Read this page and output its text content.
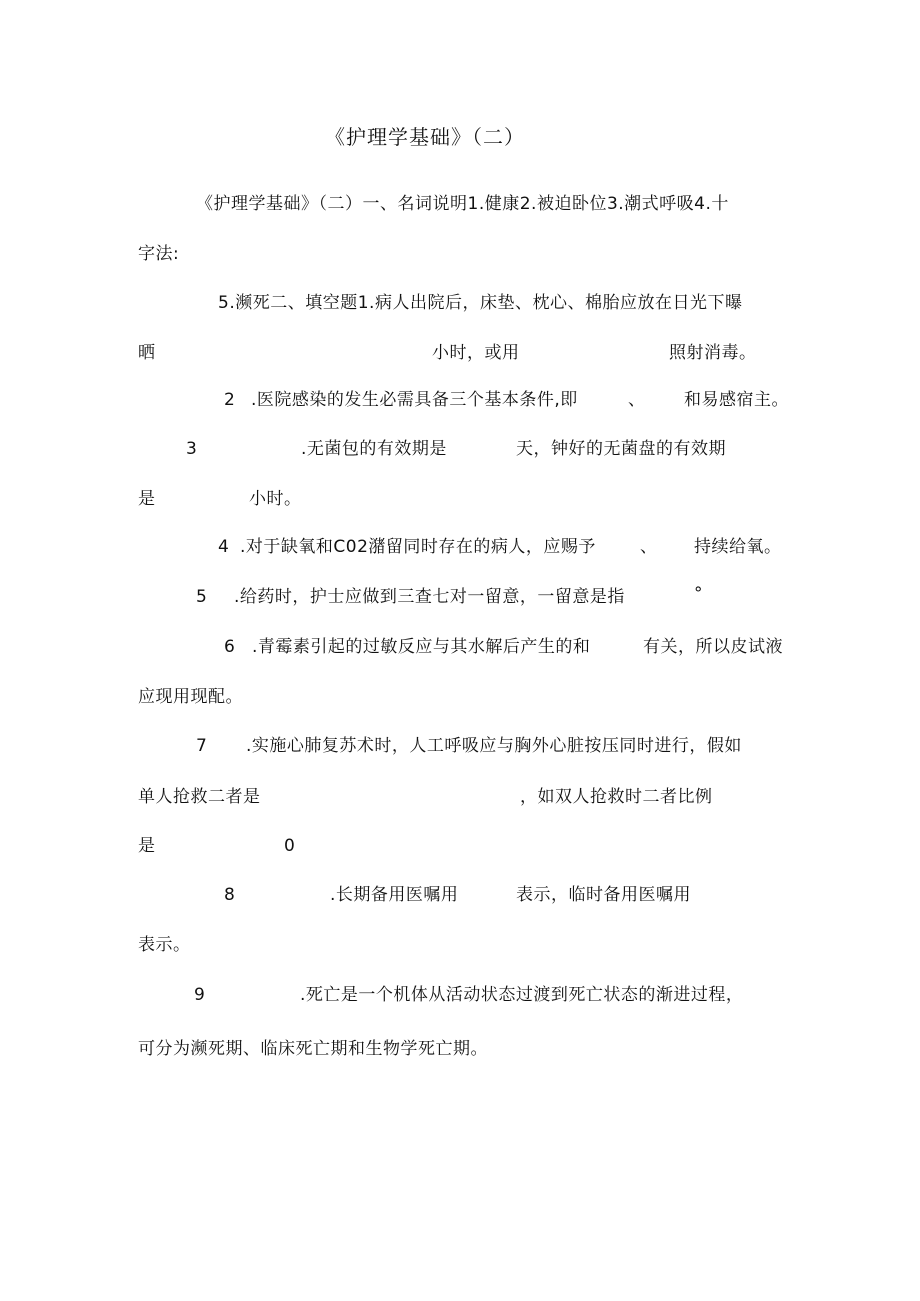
《护理学基础》（二）
《护理学基础》（二）一、名词说明1.健康2.被迫卧位3.潮式呼吸4.十
字法:
5.濒死二、填空题1.病人出院后，床垫、枕心、棉胎应放在日光下曝
晒	小时，或用	照射消毒。
2 .医院感染的发生必需具备三个基本条件,即	、 和易感宿主。
3	.无菌包的有效期是	天，钟好的无菌盘的有效期
是	小时。
4 .对于缺氧和C02潴留同时存在的病人，应赐予	、 持续给氧。
5 .给药时，护士应做到三查七对一留意，一留意是指	°
6 .青霉素引起的过敏反应与其水解后产生的和	有关，所以皮试液
应现用现配。
7 .实施心肺复苏术时，人工呼吸应与胸外心脏按压同时进行，假如
单人抢救二者是	，如双人抢救时二者比例
是	0
8	.长期备用医嘱用	表示，临时备用医嘱用
表示。
9	.死亡是一个机体从活动状态过渡到死亡状态的渐进过程，
可分为濒死期、临床死亡期和生物学死亡期。
